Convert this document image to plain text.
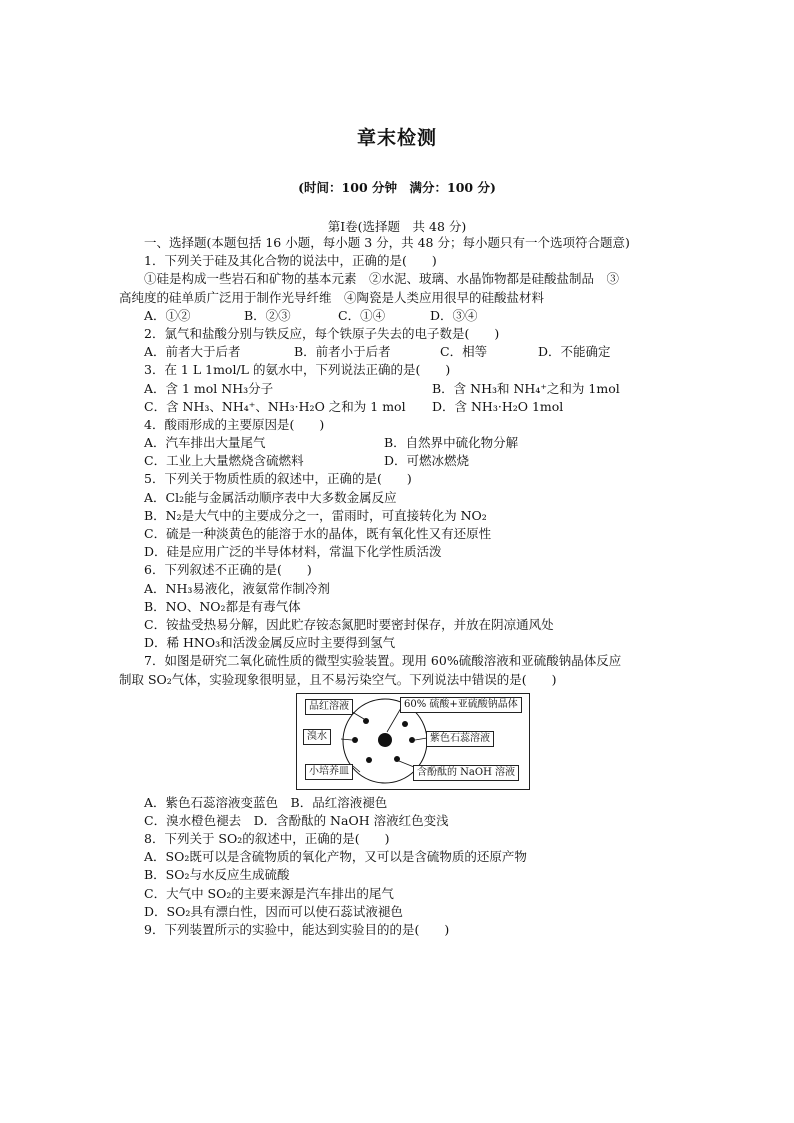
章末检测
(时间：100 分钟　满分：100 分)
第Ⅰ卷(选择题　共 48 分)
一、选择题(本题包括 16 小题，每小题 3 分，共 48 分；每小题只有一个选项符合题意)
1．下列关于硅及其化合物的说法中，正确的是(　　)
①硅是构成一些岩石和矿物的基本元素　②水泥、玻璃、水晶饰物都是硅酸盐制品　③
高纯度的硅单质广泛用于制作光导纤维　④陶瓷是人类应用很早的硅酸盐材料
A．①②	B．②③	C．①④	D．③④
2．氯气和盐酸分别与铁反应，每个铁原子失去的电子数是(　　)
A．前者大于后者	B．前者小于后者	C．相等	D．不能确定
3．在 1 L 1mol/L 的氨水中，下列说法正确的是(　　)
A．含 1 mol NH₃分子	B．含 NH₃和 NH₄⁺之和为 1mol
C．含 NH₃、NH₄⁺、NH₃·H₂O 之和为 1 mol	D．含 NH₃·H₂O 1mol
4．酸雨形成的主要原因是(　　)
A．汽车排出大量尾气	B．自然界中硫化物分解
C．工业上大量燃烧含硫燃料	D．可燃冰燃烧
5．下列关于物质性质的叙述中，正确的是(　　)
A．Cl₂能与金属活动顺序表中大多数金属反应
B．N₂是大气中的主要成分之一，雷雨时，可直接转化为 NO₂
C．硫是一种淡黄色的能溶于水的晶体，既有氧化性又有还原性
D．硅是应用广泛的半导体材料，常温下化学性质活泼
6．下列叙述不正确的是(　　)
A．NH₃易液化，液氨常作制冷剂
B．NO、NO₂都是有毒气体
C．铵盐受热易分解，因此贮存铵态氮肥时要密封保存，并放在阴凉通风处
D．稀 HNO₃和活泼金属反应时主要得到氢气
7．如图是研究二氧化硫性质的微型实验装置。现用 60%硫酸溶液和亚硫酸钠晶体反应
制取 SO₂气体，实验现象很明显，且不易污染空气。下列说法中错误的是(　　)
品红溶液	60% 硫酸+亚硫酸钠晶体
溴水	紫色石蕊溶液
小培养皿	含酚酞的 NaOH 溶液
A．紫色石蕊溶液变蓝色　B．品红溶液褪色
C．溴水橙色褪去　D．含酚酞的 NaOH 溶液红色变浅
8．下列关于 SO₂的叙述中，正确的是(　　)
A．SO₂既可以是含硫物质的氧化产物，又可以是含硫物质的还原产物
B．SO₂与水反应生成硫酸
C．大气中 SO₂的主要来源是汽车排出的尾气
D．SO₂具有漂白性，因而可以使石蕊试液褪色
9．下列装置所示的实验中，能达到实验目的的是(　　)
